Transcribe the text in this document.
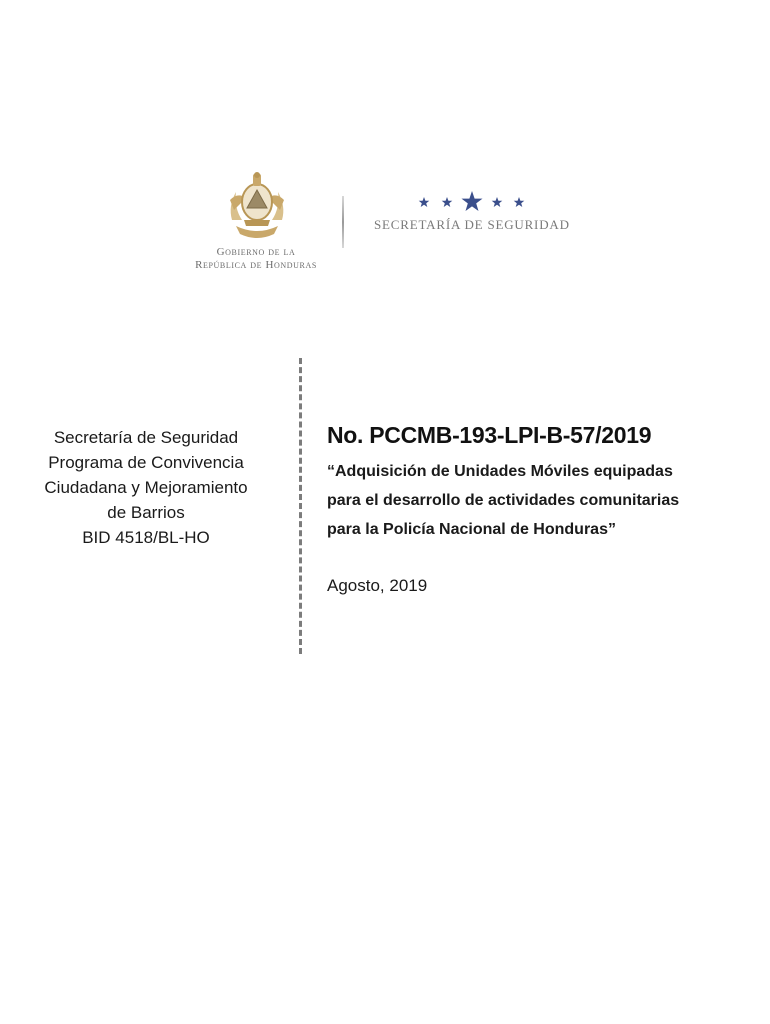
Gobierno de la
República de Honduras
SECRETARÍA DE SEGURIDAD
Secretaría de Seguridad
Programa de Convivencia
Ciudadana y Mejoramiento
de Barrios
BID 4518/BL-HO
No. PCCMB-193-LPI-B-57/2019
“Adquisición de Unidades Móviles equipadas
para el desarrollo de actividades comunitarias
para la Policía Nacional de Honduras”
Agosto, 2019
